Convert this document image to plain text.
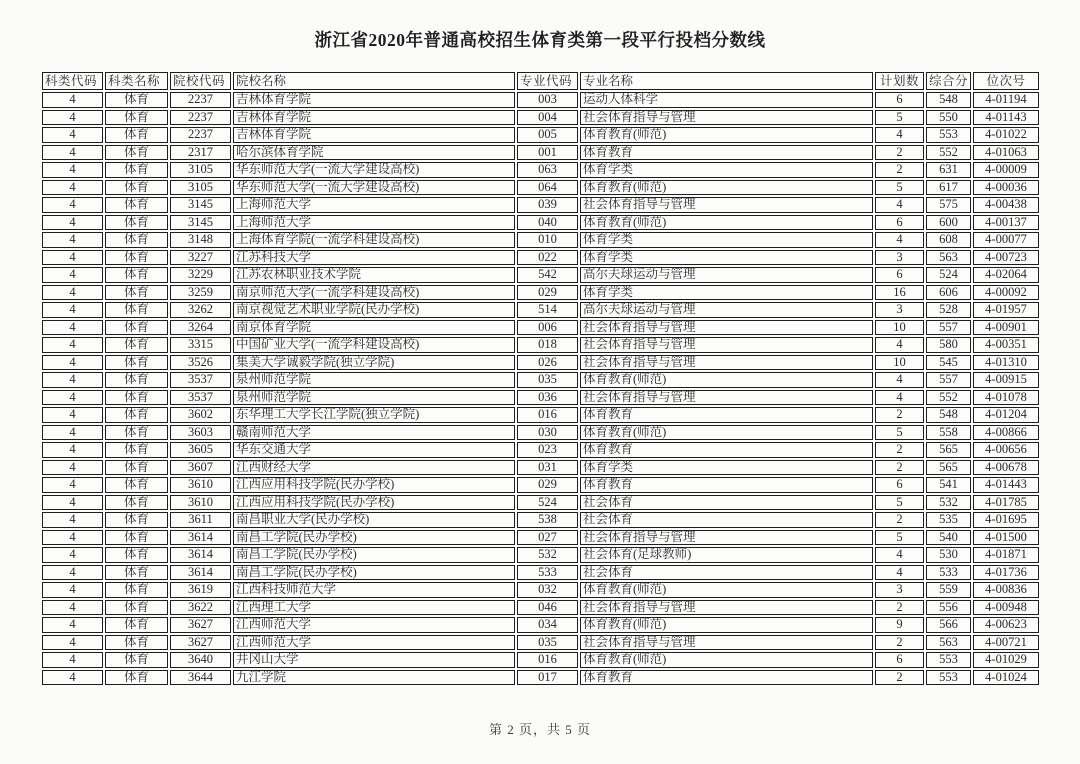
浙江省2020年普通高校招生体育类第一段平行投档分数线
科类代码	科类名称	院校代码	院校名称	专业代码	专业名称	计划数	综合分	位次号
4	体育	2237	吉林体育学院	003	运动人体科学	6	548	4-01194
4	体育	2237	吉林体育学院	004	社会体育指导与管理	5	550	4-01143
4	体育	2237	吉林体育学院	005	体育教育(师范)	4	553	4-01022
4	体育	2317	哈尔滨体育学院	001	体育教育	2	552	4-01063
4	体育	3105	华东师范大学(一流大学建设高校)	063	体育学类	2	631	4-00009
4	体育	3105	华东师范大学(一流大学建设高校)	064	体育教育(师范)	5	617	4-00036
4	体育	3145	上海师范大学	039	社会体育指导与管理	4	575	4-00438
4	体育	3145	上海师范大学	040	体育教育(师范)	6	600	4-00137
4	体育	3148	上海体育学院(一流学科建设高校)	010	体育学类	4	608	4-00077
4	体育	3227	江苏科技大学	022	体育学类	3	563	4-00723
4	体育	3229	江苏农林职业技术学院	542	高尔夫球运动与管理	6	524	4-02064
4	体育	3259	南京师范大学(一流学科建设高校)	029	体育学类	16	606	4-00092
4	体育	3262	南京视觉艺术职业学院(民办学校)	514	高尔夫球运动与管理	3	528	4-01957
4	体育	3264	南京体育学院	006	社会体育指导与管理	10	557	4-00901
4	体育	3315	中国矿业大学(一流学科建设高校)	018	社会体育指导与管理	4	580	4-00351
4	体育	3526	集美大学诚毅学院(独立学院)	026	社会体育指导与管理	10	545	4-01310
4	体育	3537	泉州师范学院	035	体育教育(师范)	4	557	4-00915
4	体育	3537	泉州师范学院	036	社会体育指导与管理	4	552	4-01078
4	体育	3602	东华理工大学长江学院(独立学院)	016	体育教育	2	548	4-01204
4	体育	3603	赣南师范大学	030	体育教育(师范)	5	558	4-00866
4	体育	3605	华东交通大学	023	体育教育	2	565	4-00656
4	体育	3607	江西财经大学	031	体育学类	2	565	4-00678
4	体育	3610	江西应用科技学院(民办学校)	029	体育教育	6	541	4-01443
4	体育	3610	江西应用科技学院(民办学校)	524	社会体育	5	532	4-01785
4	体育	3611	南昌职业大学(民办学校)	538	社会体育	2	535	4-01695
4	体育	3614	南昌工学院(民办学校)	027	社会体育指导与管理	5	540	4-01500
4	体育	3614	南昌工学院(民办学校)	532	社会体育(足球教师)	4	530	4-01871
4	体育	3614	南昌工学院(民办学校)	533	社会体育	4	533	4-01736
4	体育	3619	江西科技师范大学	032	体育教育(师范)	3	559	4-00836
4	体育	3622	江西理工大学	046	社会体育指导与管理	2	556	4-00948
4	体育	3627	江西师范大学	034	体育教育(师范)	9	566	4-00623
4	体育	3627	江西师范大学	035	社会体育指导与管理	2	563	4-00721
4	体育	3640	井冈山大学	016	体育教育(师范)	6	553	4-01029
4	体育	3644	九江学院	017	体育教育	2	553	4-01024
第 2 页，共 5 页
